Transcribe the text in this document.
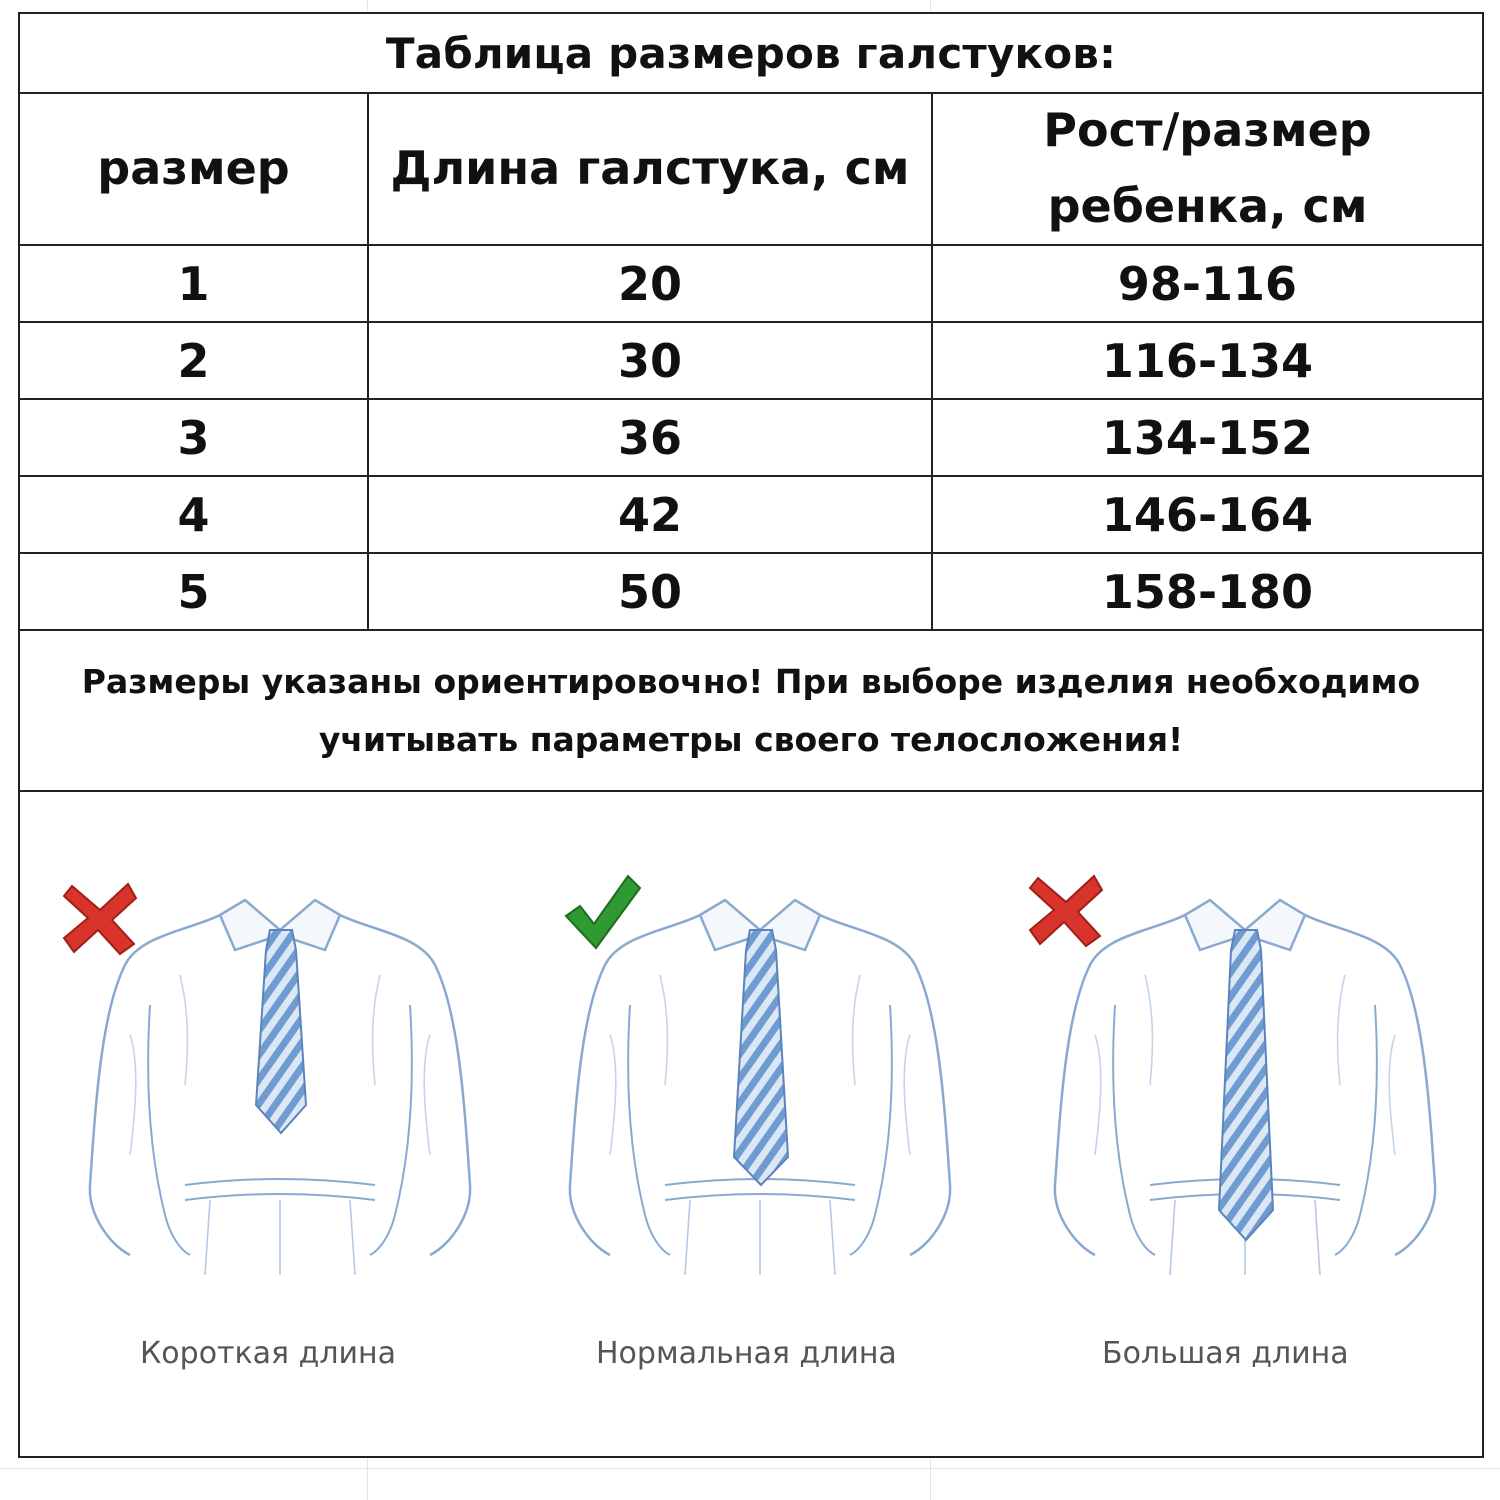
Таблица размеров галстуков:
размер	Длина галстука, см	Рост/размер
ребенка, см

1	20	98-116
2	30	116-134
3	36	134-152
4	42	146-164
5	50	158-180
Размеры указаны ориентировочно! При выборе изделия необходимо
учитывать параметры своего телосложения!
Короткая длина	Нормальная длина	Большая длина
